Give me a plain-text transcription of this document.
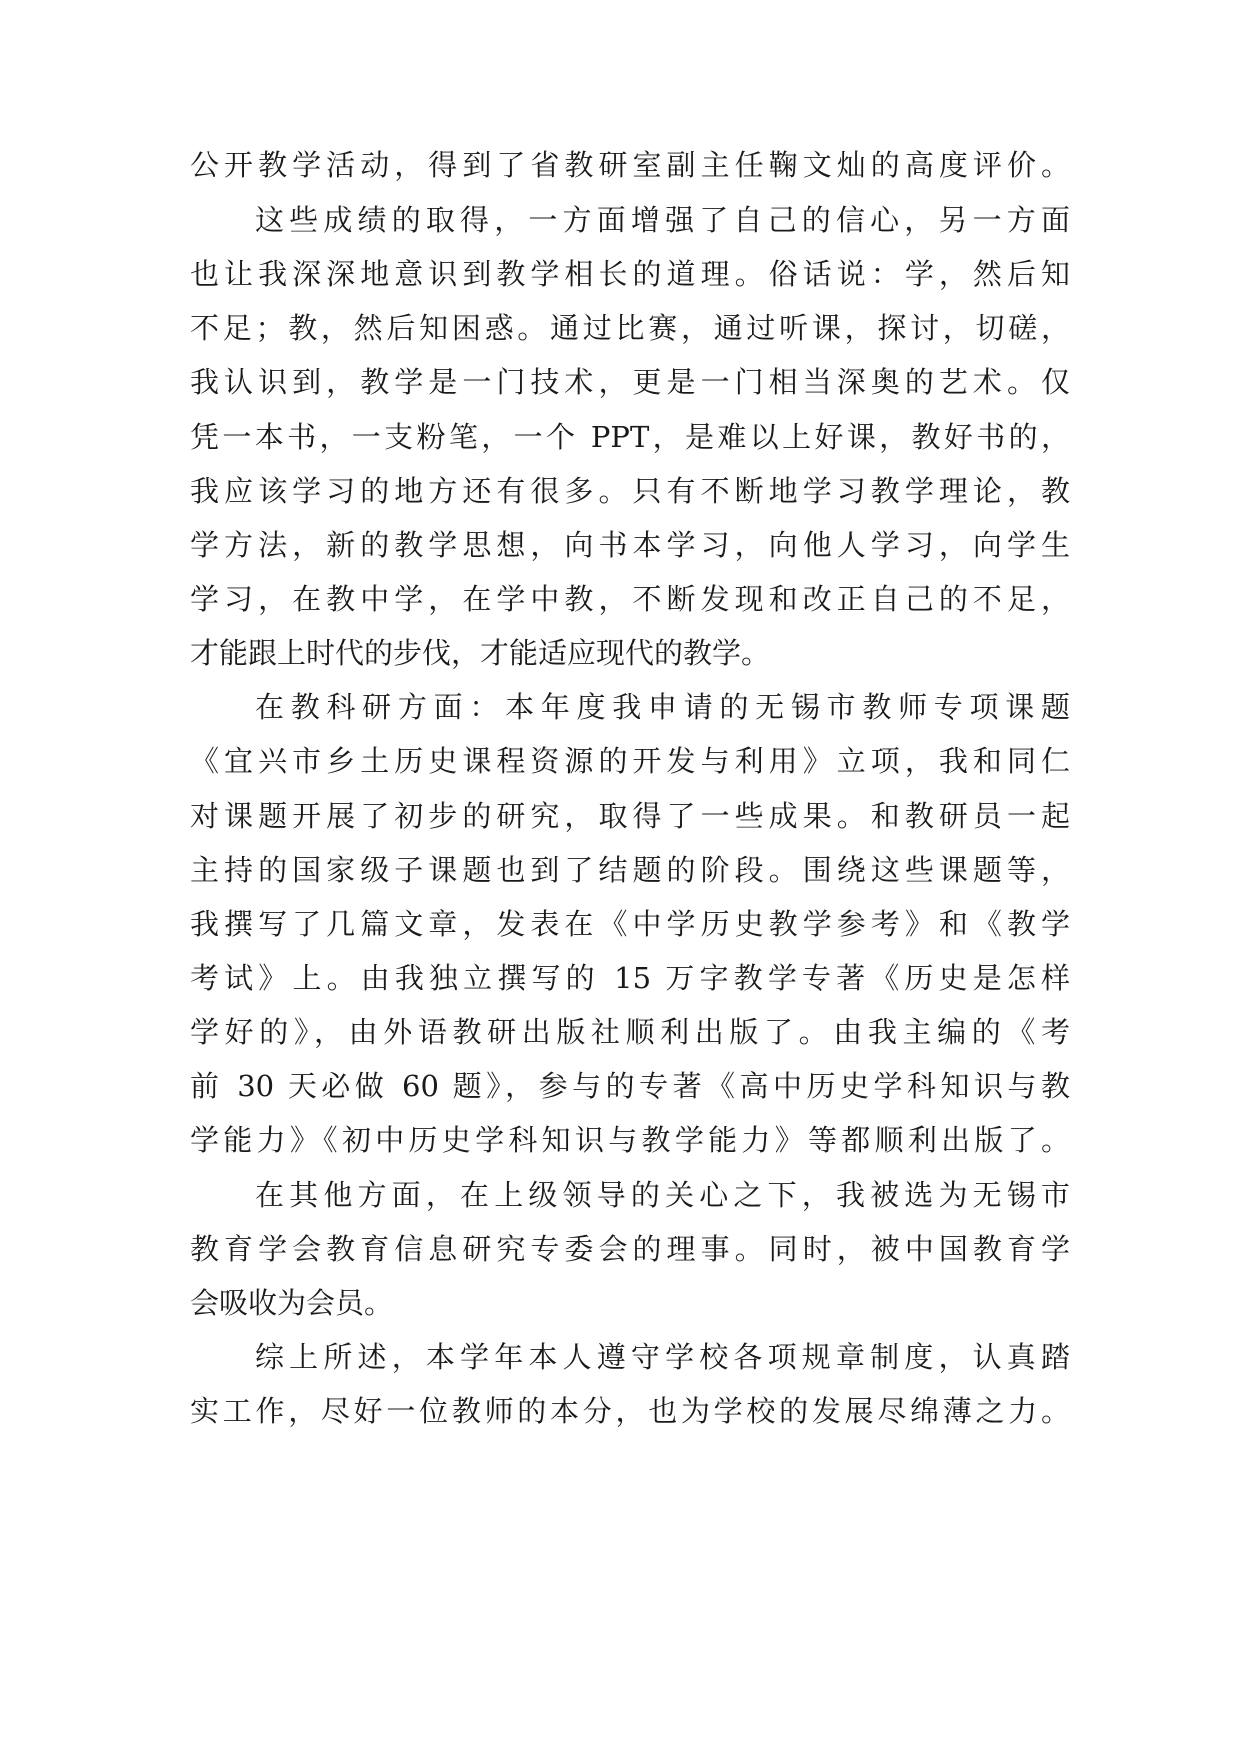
公开教学活动，得到了省教研室副主任鞠文灿的高度评价。
这些成绩的取得，一方面增强了自己的信心，另一方面
也让我深深地意识到教学相长的道理。俗话说：学，然后知
不足；教，然后知困惑。通过比赛，通过听课，探讨，切磋，
我认识到，教学是一门技术，更是一门相当深奥的艺术。仅
凭一本书，一支粉笔，一个 PPT，是难以上好课，教好书的，
我应该学习的地方还有很多。只有不断地学习教学理论，教
学方法，新的教学思想，向书本学习，向他人学习，向学生
学习，在教中学，在学中教，不断发现和改正自己的不足，
才能跟上时代的步伐，才能适应现代的教学。
在教科研方面：本年度我申请的无锡市教师专项课题
《宜兴市乡土历史课程资源的开发与利用》立项，我和同仁
对课题开展了初步的研究，取得了一些成果。和教研员一起
主持的国家级子课题也到了结题的阶段。围绕这些课题等，
我撰写了几篇文章，发表在《中学历史教学参考》和《教学
考试》上。由我独立撰写的 15 万字教学专著《历史是怎样
学好的》，由外语教研出版社顺利出版了。由我主编的《考
前 30 天必做 60 题》，参与的专著《高中历史学科知识与教
学能力》《初中历史学科知识与教学能力》等都顺利出版了。
在其他方面，在上级领导的关心之下，我被选为无锡市
教育学会教育信息研究专委会的理事。同时，被中国教育学
会吸收为会员。
综上所述，本学年本人遵守学校各项规章制度，认真踏
实工作，尽好一位教师的本分，也为学校的发展尽绵薄之力。
